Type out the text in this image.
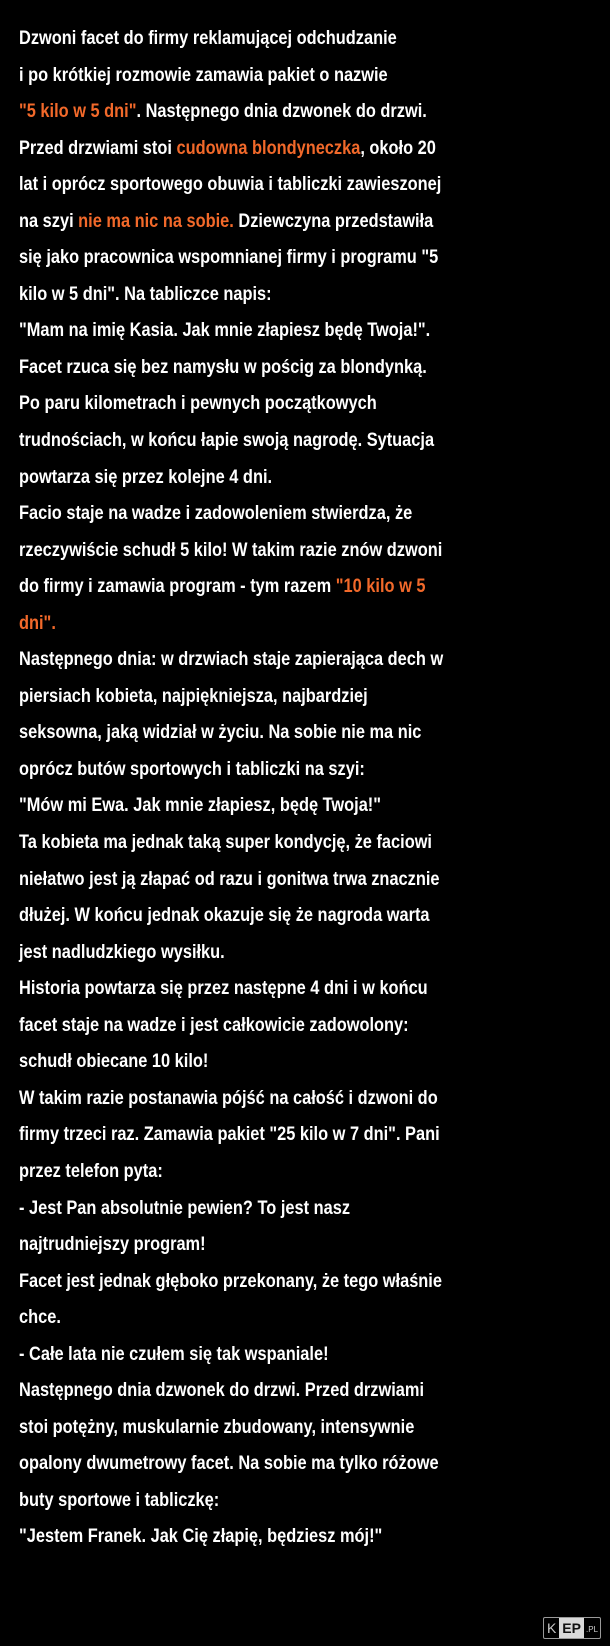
Dzwoni facet do firmy reklamującej odchudzanie
i po krótkiej rozmowie zamawia pakiet o nazwie
"5 kilo w 5 dni". Następnego dnia dzwonek do drzwi.
Przed drzwiami stoi cudowna blondyneczka, około 20
lat i oprócz sportowego obuwia i tabliczki zawieszonej
na szyi nie ma nic na sobie. Dziewczyna przedstawiła
się jako pracownica wspomnianej firmy i programu "5
kilo w 5 dni". Na tabliczce napis:
"Mam na imię Kasia. Jak mnie złapiesz będę Twoja!".
Facet rzuca się bez namysłu w pościg za blondynką.
Po paru kilometrach i pewnych początkowych
trudnościach, w końcu łapie swoją nagrodę. Sytuacja
powtarza się przez kolejne 4 dni.
Facio staje na wadze i zadowoleniem stwierdza, że
rzeczywiście schudł 5 kilo! W takim razie znów dzwoni
do firmy i zamawia program - tym razem "10 kilo w 5
dni".
Następnego dnia: w drzwiach staje zapierająca dech w
piersiach kobieta, najpiękniejsza, najbardziej
seksowna, jaką widział w życiu. Na sobie nie ma nic
oprócz butów sportowych i tabliczki na szyi:
"Mów mi Ewa. Jak mnie złapiesz, będę Twoja!"
Ta kobieta ma jednak taką super kondycję, że faciowi
niełatwo jest ją złapać od razu i gonitwa trwa znacznie
dłużej. W końcu jednak okazuje się że nagroda warta
jest nadludzkiego wysiłku.
Historia powtarza się przez następne 4 dni i w końcu
facet staje na wadze i jest całkowicie zadowolony:
schudł obiecane 10 kilo!
W takim razie postanawia pójść na całość i dzwoni do
firmy trzeci raz. Zamawia pakiet "25 kilo w 7 dni". Pani
przez telefon pyta:
- Jest Pan absolutnie pewien? To jest nasz
najtrudniejszy program!
Facet jest jednak głęboko przekonany, że tego właśnie
chce.
- Całe lata nie czułem się tak wspaniale!
Następnego dnia dzwonek do drzwi. Przed drzwiami
stoi potężny, muskularnie zbudowany, intensywnie
opalony dwumetrowy facet. Na sobie ma tylko różowe
buty sportowe i tabliczkę:
"Jestem Franek. Jak Cię złapię, będziesz mój!"
K EP .PL
